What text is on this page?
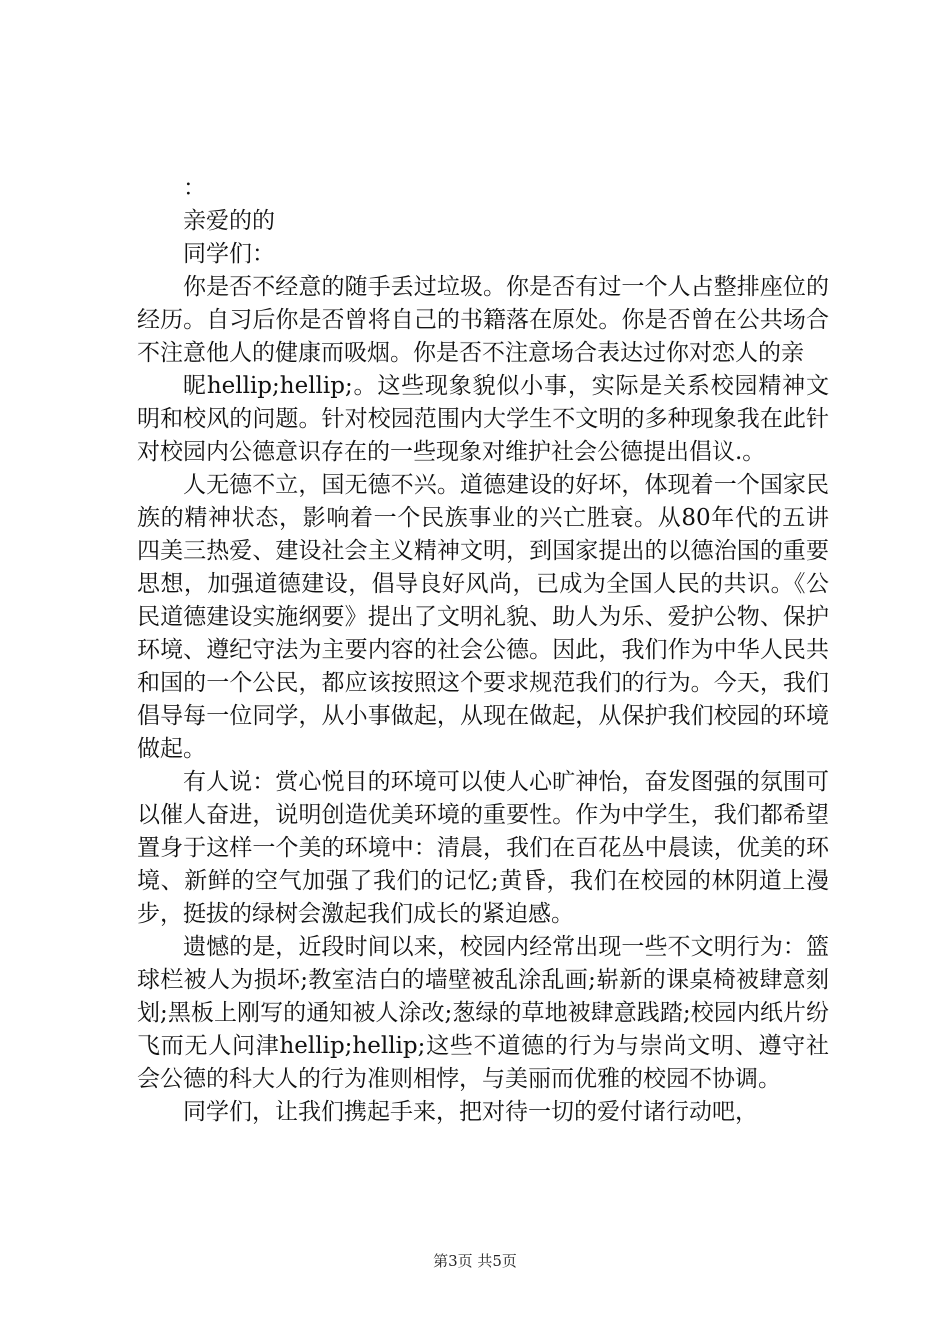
：

亲爱的的

同学们：

你是否不经意的随手丢过垃圾。你是否有过一个人占整排座位的经历。自习后你是否曾将自己的书籍落在原处。你是否曾在公共场合不注意他人的健康而吸烟。你是否不注意场合表达过你对恋人的亲

昵hellip;hellip;。这些现象貌似小事，实际是关系校园精神文明和校风的问题。针对校园范围内大学生不文明的多种现象我在此针对校园内公德意识存在的一些现象对维护社会公德提出倡议.。

人无德不立，国无德不兴。道德建设的好坏，体现着一个国家民族的精神状态，影响着一个民族事业的兴亡胜衰。从80年代的五讲四美三热爱、建设社会主义精神文明，到国家提出的以德治国的重要思想，加强道德建设，倡导良好风尚，已成为全国人民的共识。《公民道德建设实施纲要》提出了文明礼貌、助人为乐、爱护公物、保护环境、遵纪守法为主要内容的社会公德。因此，我们作为中华人民共和国的一个公民，都应该按照这个要求规范我们的行为。今天，我们倡导每一位同学，从小事做起，从现在做起，从保护我们校园的环境做起。

有人说：赏心悦目的环境可以使人心旷神怡，奋发图强的氛围可以催人奋进，说明创造优美环境的重要性。作为中学生，我们都希望置身于这样一个美的环境中：清晨，我们在百花丛中晨读，优美的环境、新鲜的空气加强了我们的记忆;黄昏，我们在校园的林阴道上漫步，挺拔的绿树会激起我们成长的紧迫感。

遗憾的是，近段时间以来，校园内经常出现一些不文明行为：篮球栏被人为损坏;教室洁白的墙壁被乱涂乱画;崭新的课桌椅被肆意刻划;黑板上刚写的通知被人涂改;葱绿的草地被肆意践踏;校园内纸片纷飞而无人问津hellip;hellip;这些不道德的行为与崇尚文明、遵守社会公德的科大人的行为准则相悖，与美丽而优雅的校园不协调。

同学们，让我们携起手来，把对待一切的爱付诸行动吧，

第3页 共5页
